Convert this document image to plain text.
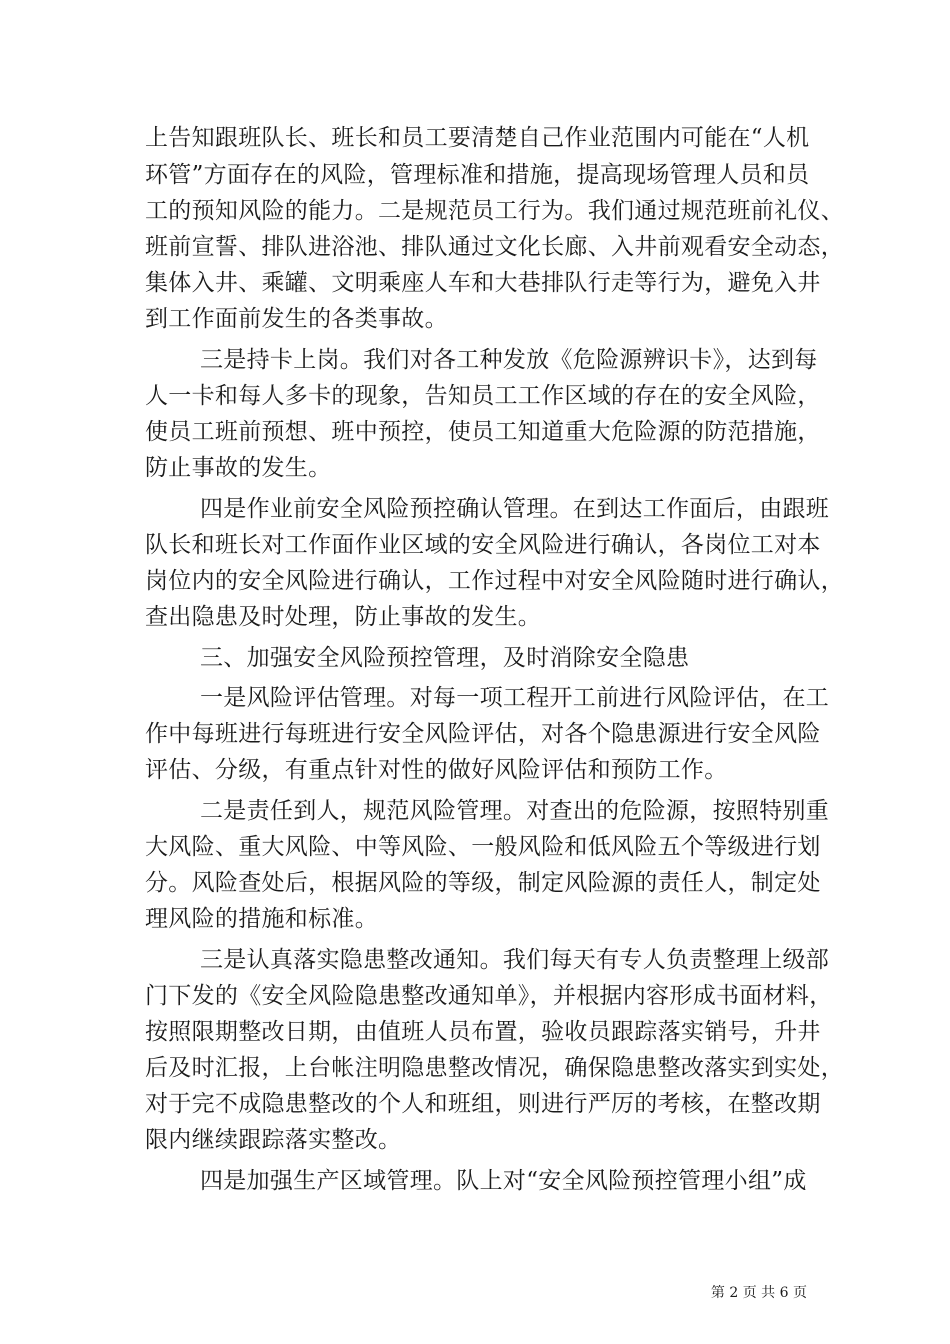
上告知跟班队长、班长和员工要清楚自己作业范围内可能在“人机
环管”方面存在的风险，管理标准和措施，提高现场管理人员和员
工的预知风险的能力。二是规范员工行为。我们通过规范班前礼仪、
班前宣誓、排队进浴池、排队通过文化长廊、入井前观看安全动态，
集体入井、乘罐、文明乘座人车和大巷排队行走等行为，避免入井
到工作面前发生的各类事故。
三是持卡上岗。我们对各工种发放《危险源辨识卡》，达到每
人一卡和每人多卡的现象，告知员工工作区域的存在的安全风险，
使员工班前预想、班中预控，使员工知道重大危险源的防范措施，
防止事故的发生。
四是作业前安全风险预控确认管理。在到达工作面后，由跟班
队长和班长对工作面作业区域的安全风险进行确认，各岗位工对本
岗位内的安全风险进行确认，工作过程中对安全风险随时进行确认，
查出隐患及时处理，防止事故的发生。
三、加强安全风险预控管理，及时消除安全隐患
一是风险评估管理。对每一项工程开工前进行风险评估，在工
作中每班进行每班进行安全风险评估，对各个隐患源进行安全风险
评估、分级，有重点针对性的做好风险评估和预防工作。
二是责任到人，规范风险管理。对查出的危险源，按照特别重
大风险、重大风险、中等风险、一般风险和低风险五个等级进行划
分。风险查处后，根据风险的等级，制定风险源的责任人，制定处
理风险的措施和标准。
三是认真落实隐患整改通知。我们每天有专人负责整理上级部
门下发的《安全风险隐患整改通知单》，并根据内容形成书面材料，
按照限期整改日期，由值班人员布置，验收员跟踪落实销号，升井
后及时汇报，上台帐注明隐患整改情况，确保隐患整改落实到实处，
对于完不成隐患整改的个人和班组，则进行严厉的考核，在整改期
限内继续跟踪落实整改。
四是加强生产区域管理。队上对“安全风险预控管理小组”成
第 2 页 共 6 页
